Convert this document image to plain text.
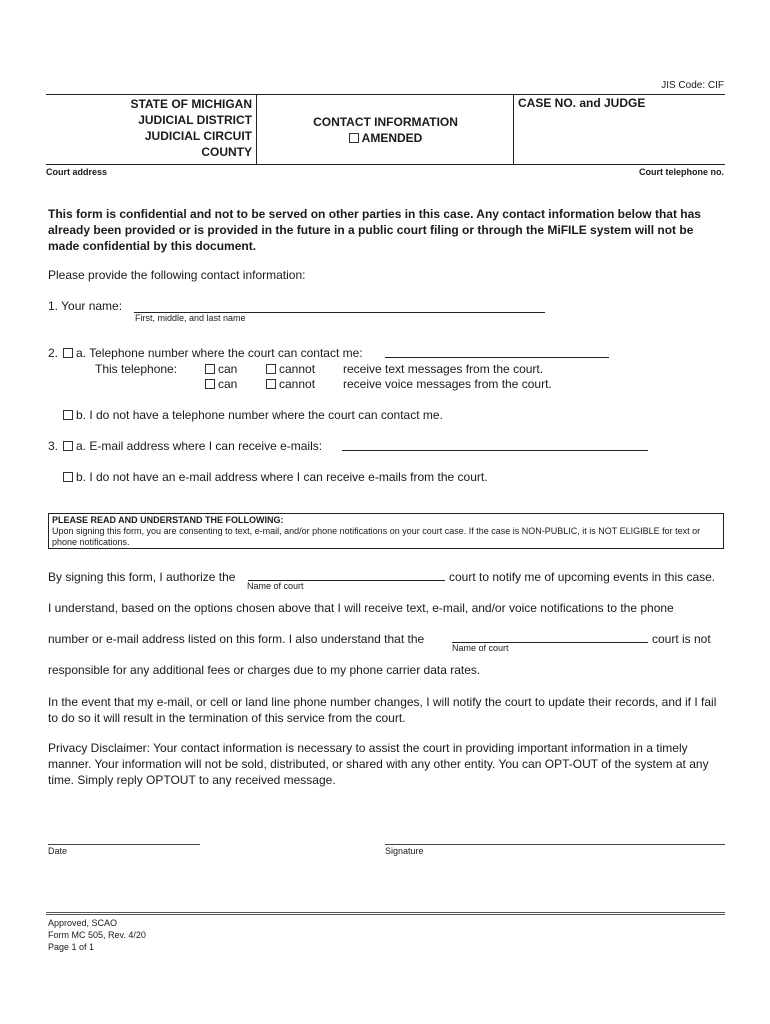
JIS Code: CIF
STATE OF MICHIGAN
JUDICIAL DISTRICT
JUDICIAL CIRCUIT
COUNTY
CONTACT INFORMATION
AMENDED
CASE NO. and JUDGE
Court address	Court telephone no.
This form is confidential and not to be served on other parties in this case. Any contact information below that has already been provided or is provided in the future in a public court filing or through the MiFILE system will not be made confidential by this document.
Please provide the following contact information:
1. Your name:
First, middle, and last name
2.	a. Telephone number where the court can contact me:
This telephone:	can	cannot receive text messages from the court.
can	cannot receive voice messages from the court.
b. I do not have a telephone number where the court can contact me.
3.	a. E-mail address where I can receive e-mails:
b. I do not have an e-mail address where I can receive e-mails from the court.
PLEASE READ AND UNDERSTAND THE FOLLOWING:
Upon signing this form, you are consenting to text, e-mail, and/or phone notifications on your court case. If the case is NON-PUBLIC, it is NOT ELIGIBLE for text or phone notifications.
By signing this form, I authorize the
Name of court
court to notify me of upcoming events in this case.
I understand, based on the options chosen above that I will receive text, e-mail, and/or voice notifications to the phone
number or e-mail address listed on this form. I also understand that the
Name of court
court is not
responsible for any additional fees or charges due to my phone carrier data rates.
In the event that my e-mail, or cell or land line phone number changes, I will notify the court to update their records, and if I fail to do so it will result in the termination of this service from the court.
Privacy Disclaimer: Your contact information is necessary to assist the court in providing important information in a timely manner. Your information will not be sold, distributed, or shared with any other entity. You can OPT-OUT of the system at any time. Simply reply OPTOUT to any received message.
Date	Signature
Approved, SCAO
Form MC 505, Rev. 4/20
Page 1 of 1
